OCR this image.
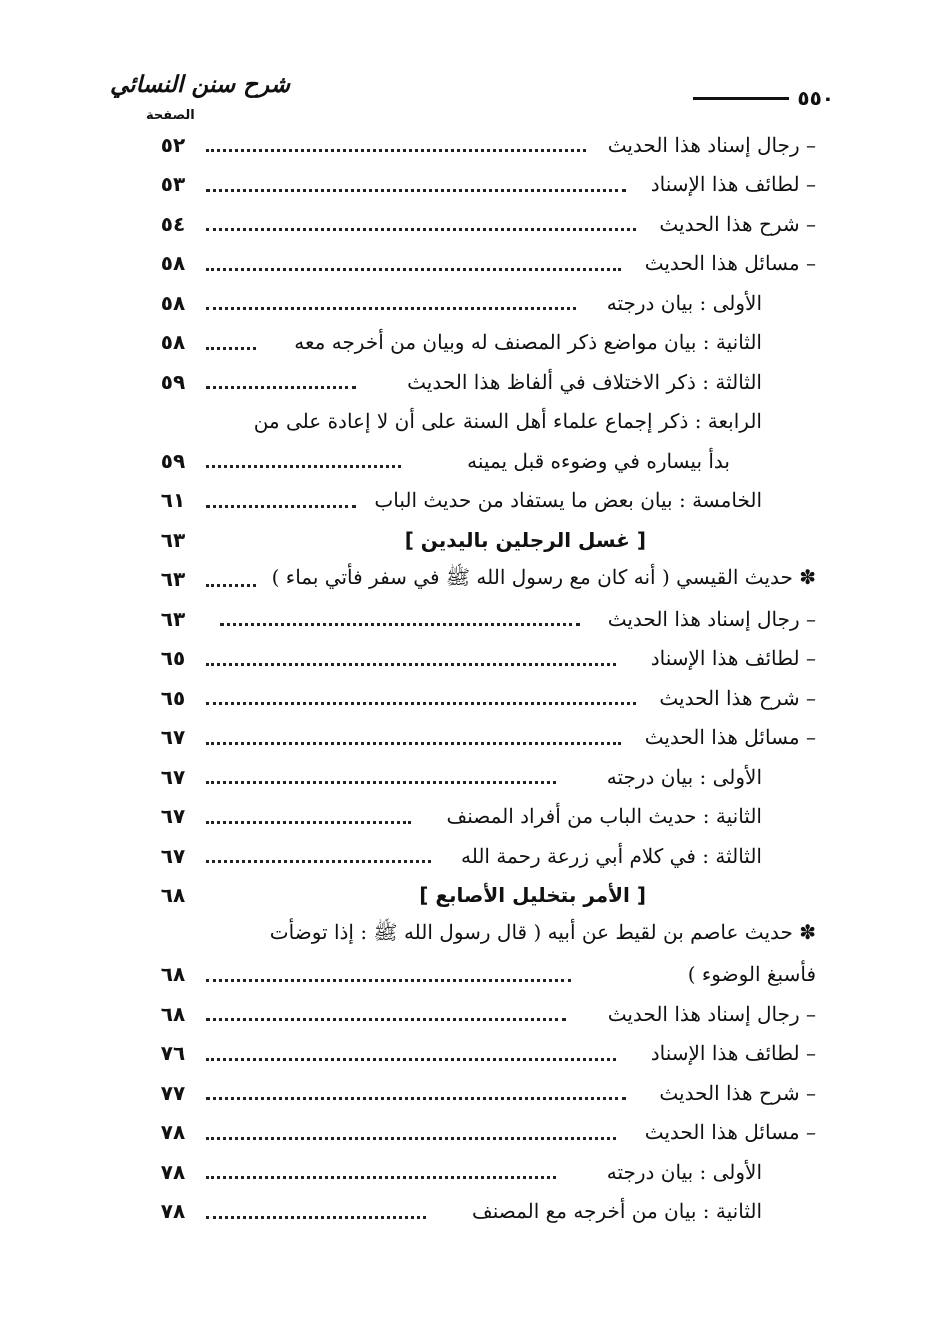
شرح سنن النسائي	٥٥٠
الصفحة
– رجال إسناد هذا الحديث
٥٢
– لطائف هذا الإسناد
٥٣
– شرح هذا الحديث
٥٤
– مسائل هذا الحديث
٥٨
الأولى : بيان درجته
٥٨
الثانية : بيان مواضع ذكر المصنف له وبيان من أخرجه معه
٥٨
الثالثة : ذكر الاختلاف في ألفاظ هذا الحديث
٥٩
الرابعة : ذكر إجماع علماء أهل السنة على أن لا إعادة على من
بدأ بيساره في وضوءه قبل يمينه
٥٩
الخامسة : بيان بعض ما يستفاد من حديث الباب
٦١
[ غسل الرجلين باليدين ]
٦٣
✽ حديث القيسي ( أنه كان مع رسول الله ﷺ في سفر فأتي بماء )
٦٣
– رجال إسناد هذا الحديث
٦٣
– لطائف هذا الإسناد
٦٥
– شرح هذا الحديث
٦٥
– مسائل هذا الحديث
٦٧
الأولى : بيان درجته
٦٧
الثانية : حديث الباب من أفراد المصنف
٦٧
الثالثة : في كلام أبي زرعة رحمة الله
٦٧
[ الأمر بتخليل الأصابع ]
٦٨
✽ حديث عاصم بن لقيط عن أبيه ( قال رسول الله ﷺ : إذا توضأت
فأسبغ الوضوء )
٦٨
– رجال إسناد هذا الحديث
٦٨
– لطائف هذا الإسناد
٧٦
– شرح هذا الحديث
٧٧
– مسائل هذا الحديث
٧٨
الأولى : بيان درجته
٧٨
الثانية : بيان من أخرجه مع المصنف
٧٨
